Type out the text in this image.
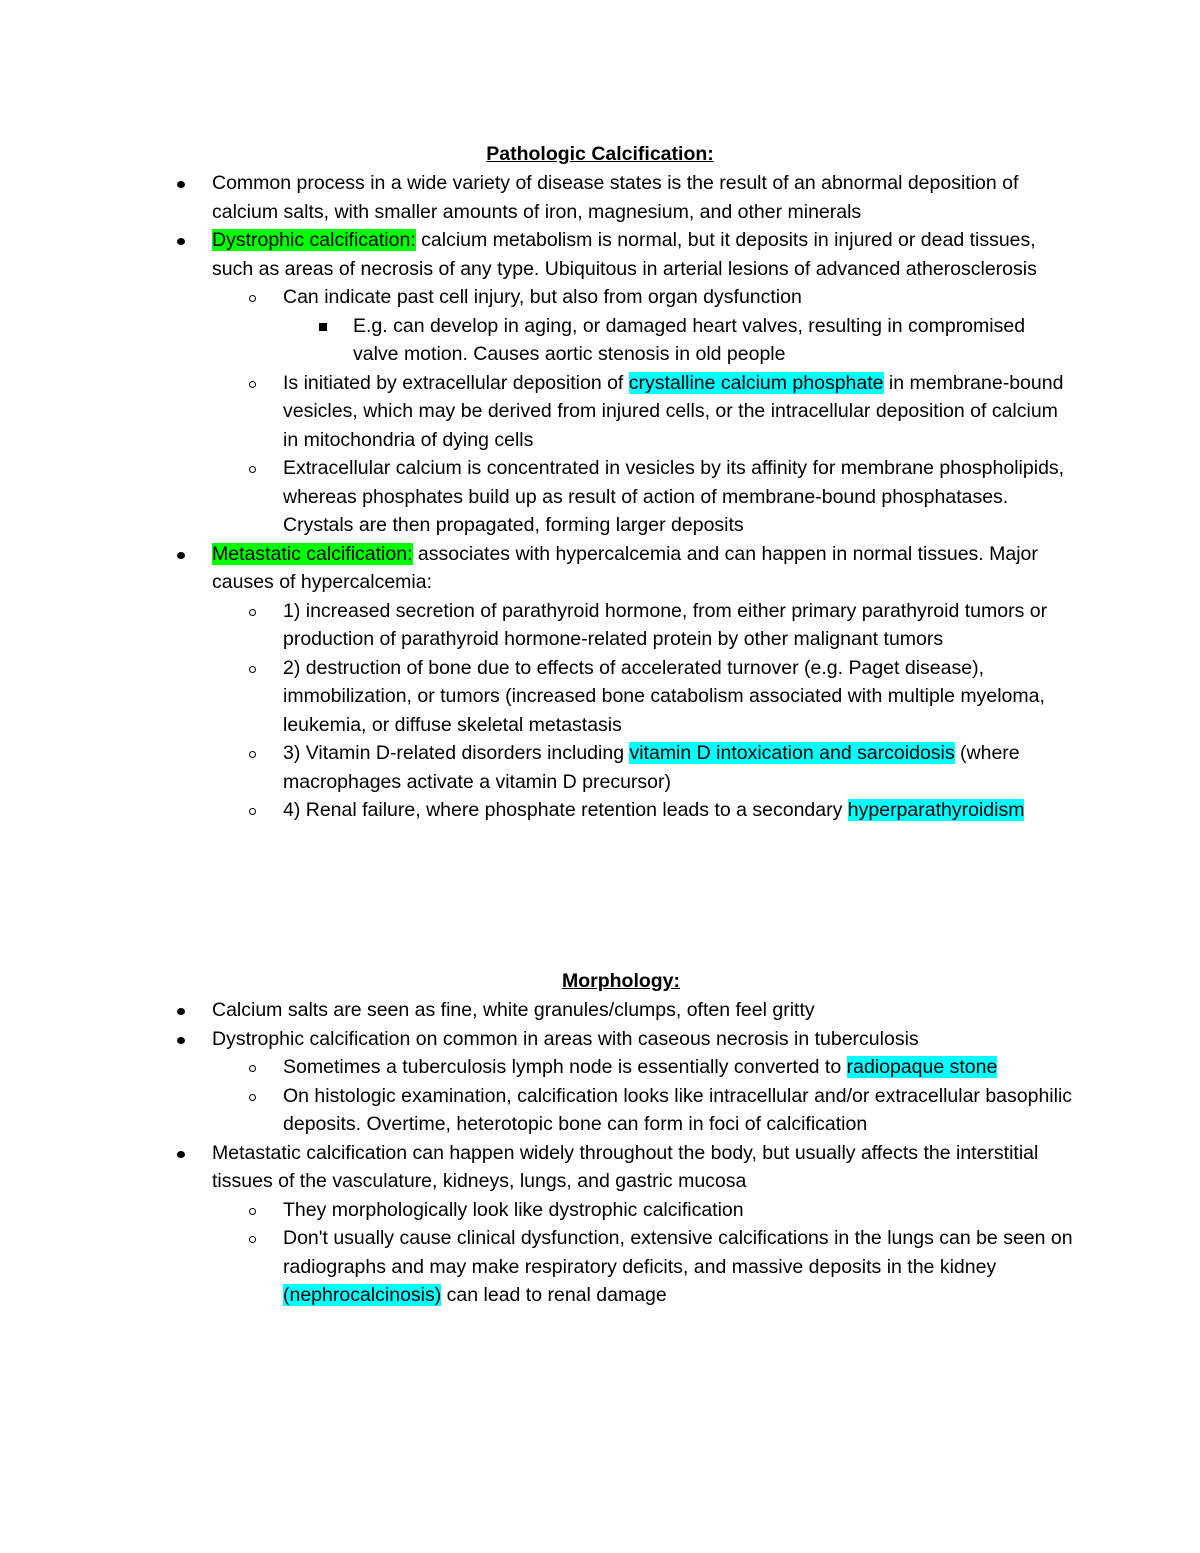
Pathologic Calcification:
Common process in a wide variety of disease states is the result of an abnormal deposition of calcium salts, with smaller amounts of iron, magnesium, and other minerals
Dystrophic calcification: calcium metabolism is normal, but it deposits in injured or dead tissues, such as areas of necrosis of any type. Ubiquitous in arterial lesions of advanced atherosclerosis
Can indicate past cell injury, but also from organ dysfunction
E.g. can develop in aging, or damaged heart valves, resulting in compromised valve motion. Causes aortic stenosis in old people
Is initiated by extracellular deposition of crystalline calcium phosphate in membrane-bound vesicles, which may be derived from injured cells, or the intracellular deposition of calcium in mitochondria of dying cells
Extracellular calcium is concentrated in vesicles by its affinity for membrane phospholipids, whereas phosphates build up as result of action of membrane-bound phosphatases. Crystals are then propagated, forming larger deposits
Metastatic calcification: associates with hypercalcemia and can happen in normal tissues. Major causes of hypercalcemia:
1) increased secretion of parathyroid hormone, from either primary parathyroid tumors or production of parathyroid hormone-related protein by other malignant tumors
2) destruction of bone due to effects of accelerated turnover (e.g. Paget disease), immobilization, or tumors (increased bone catabolism associated with multiple myeloma, leukemia, or diffuse skeletal metastasis
3) Vitamin D-related disorders including vitamin D intoxication and sarcoidosis (where macrophages activate a vitamin D precursor)
4) Renal failure, where phosphate retention leads to a secondary hyperparathyroidism
Morphology:
Calcium salts are seen as fine, white granules/clumps, often feel gritty
Dystrophic calcification on common in areas with caseous necrosis in tuberculosis
Sometimes a tuberculosis lymph node is essentially converted to radiopaque stone
On histologic examination, calcification looks like intracellular and/or extracellular basophilic deposits. Overtime, heterotopic bone can form in foci of calcification
Metastatic calcification can happen widely throughout the body, but usually affects the interstitial tissues of the vasculature, kidneys, lungs, and gastric mucosa
They morphologically look like dystrophic calcification
Don't usually cause clinical dysfunction, extensive calcifications in the lungs can be seen on radiographs and may make respiratory deficits, and massive deposits in the kidney (nephrocalcinosis) can lead to renal damage
